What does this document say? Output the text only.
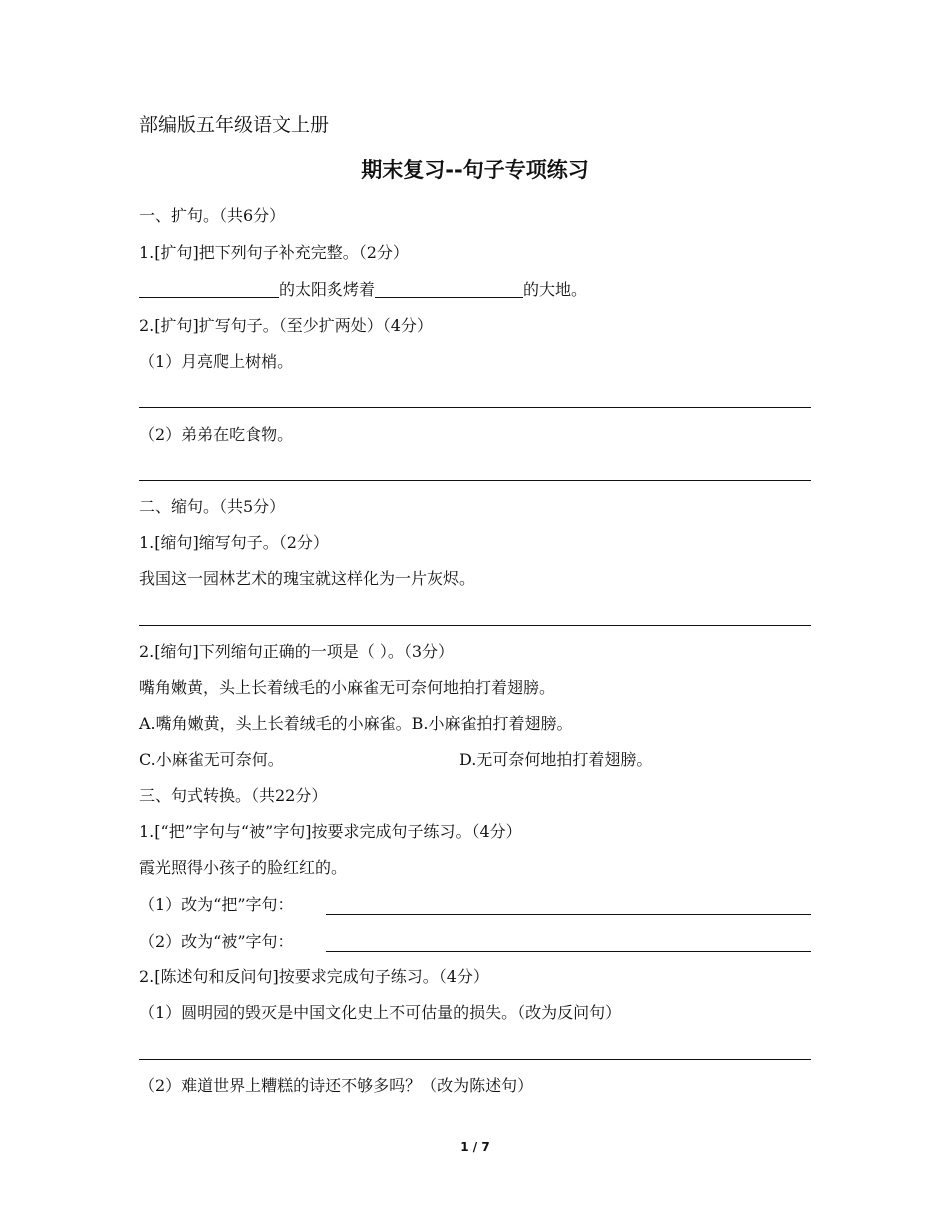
部编版五年级语文上册
期末复习--句子专项练习
一、扩句。（共6分）
1.[扩句]把下列句子补充完整。（2分）
的太阳炙烤着	的大地。
2.[扩句]扩写句子。（至少扩两处）（4分）
（1）月亮爬上树梢。
（2）弟弟在吃食物。
二、缩句。（共5分）
1.[缩句]缩写句子。（2分）
我国这一园林艺术的瑰宝就这样化为一片灰烬。
2.[缩句]下列缩句正确的一项是（ ）。（3分）
嘴角嫩黄，头上长着绒毛的小麻雀无可奈何地拍打着翅膀。
A.嘴角嫩黄，头上长着绒毛的小麻雀。B.小麻雀拍打着翅膀。
C.小麻雀无可奈何。	D.无可奈何地拍打着翅膀。
三、句式转换。（共22分）
1.[“把”字句与“被”字句]按要求完成句子练习。（4分）
霞光照得小孩子的脸红红的。
（1）改为“把”字句：
（2）改为“被”字句：
2.[陈述句和反问句]按要求完成句子练习。（4分）
（1）圆明园的毁灭是中国文化史上不可估量的损失。（改为反问句）
（2）难道世界上糟糕的诗还不够多吗？（改为陈述句）
1 / 7
